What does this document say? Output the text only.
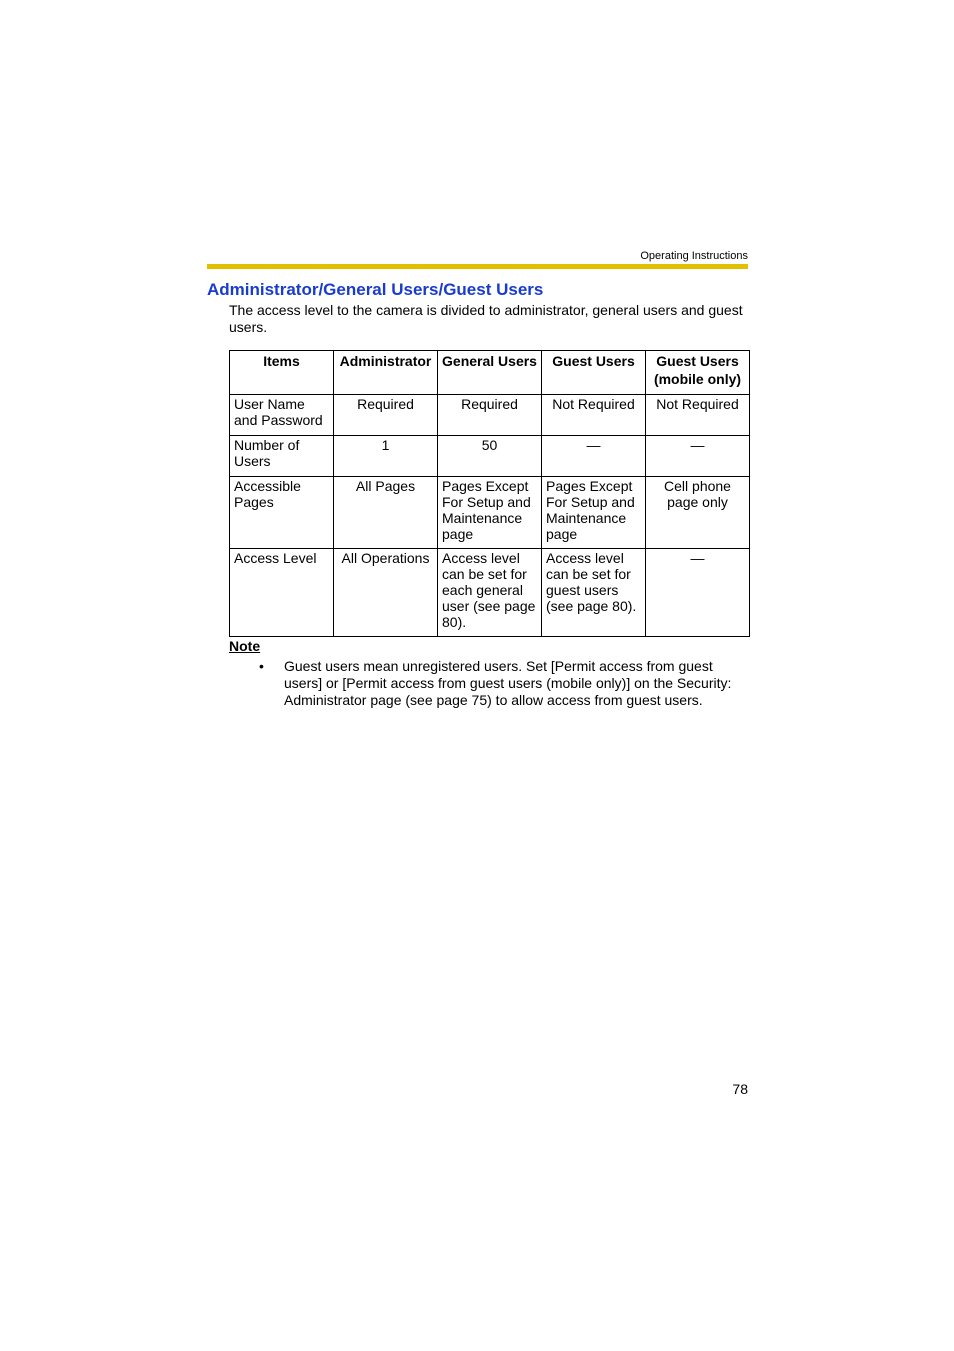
Operating Instructions
Administrator/General Users/Guest Users

The access level to the camera is divided to administrator, general users and guest users.

Items	Administrator	General Users	Guest Users	Guest Users (mobile only)
User Name and Password	Required	Required	Not Required	Not Required
Number of Users	1	50	—	—
Accessible Pages	All Pages	Pages Except For Setup and Maintenance page	Pages Except For Setup and Maintenance page	Cell phone page only
Access Level	All Operations	Access level can be set for each general user (see page 80).	Access level can be set for guest users (see page 80).	—
Note
• Guest users mean unregistered users. Set [Permit access from guest users] or [Permit access from guest users (mobile only)] on the Security: Administrator page (see page 75) to allow access from guest users.

78
